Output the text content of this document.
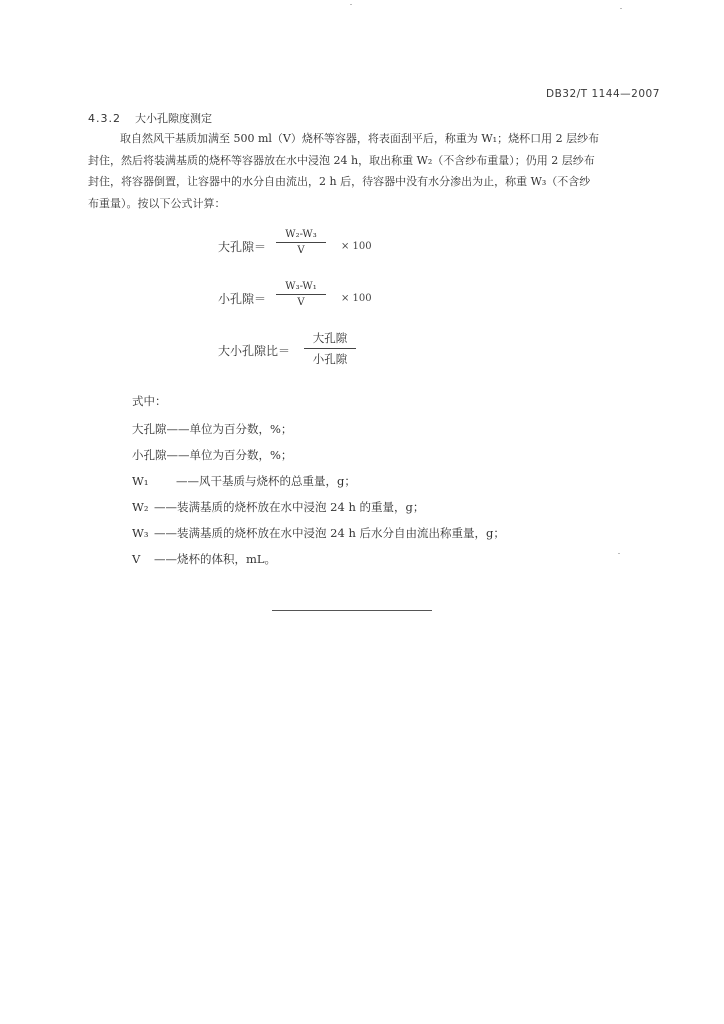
DB32/T 1144—2007
4.3.2 大小孔隙度测定
取自然风干基质加满至 500 ml（V）烧杯等容器，将表面刮平后，称重为 W₁；烧杯口用 2 层纱布
封住，然后将装满基质的烧杯等容器放在水中浸泡 24 h，取出称重 W₂（不含纱布重量）；仍用 2 层纱布
封住，将容器倒置，让容器中的水分自由流出，2 h 后，待容器中没有水分渗出为止，称重 W₃（不含纱
布重量）。按以下公式计算：
大孔隙＝
W₂-W₃
V	× 100
小孔隙＝
W₃-W₁
V	× 100
大小孔隙比＝
大孔隙
小孔隙
式中：
大孔隙——单位为百分数，%；
小孔隙——单位为百分数，%；
W₁ ——风干基质与烧杯的总重量，g；
W₂ ——装满基质的烧杯放在水中浸泡 24 h 的重量，g；
W₃ ——装满基质的烧杯放在水中浸泡 24 h 后水分自由流出称重量，g；
V ——烧杯的体积，mL。
